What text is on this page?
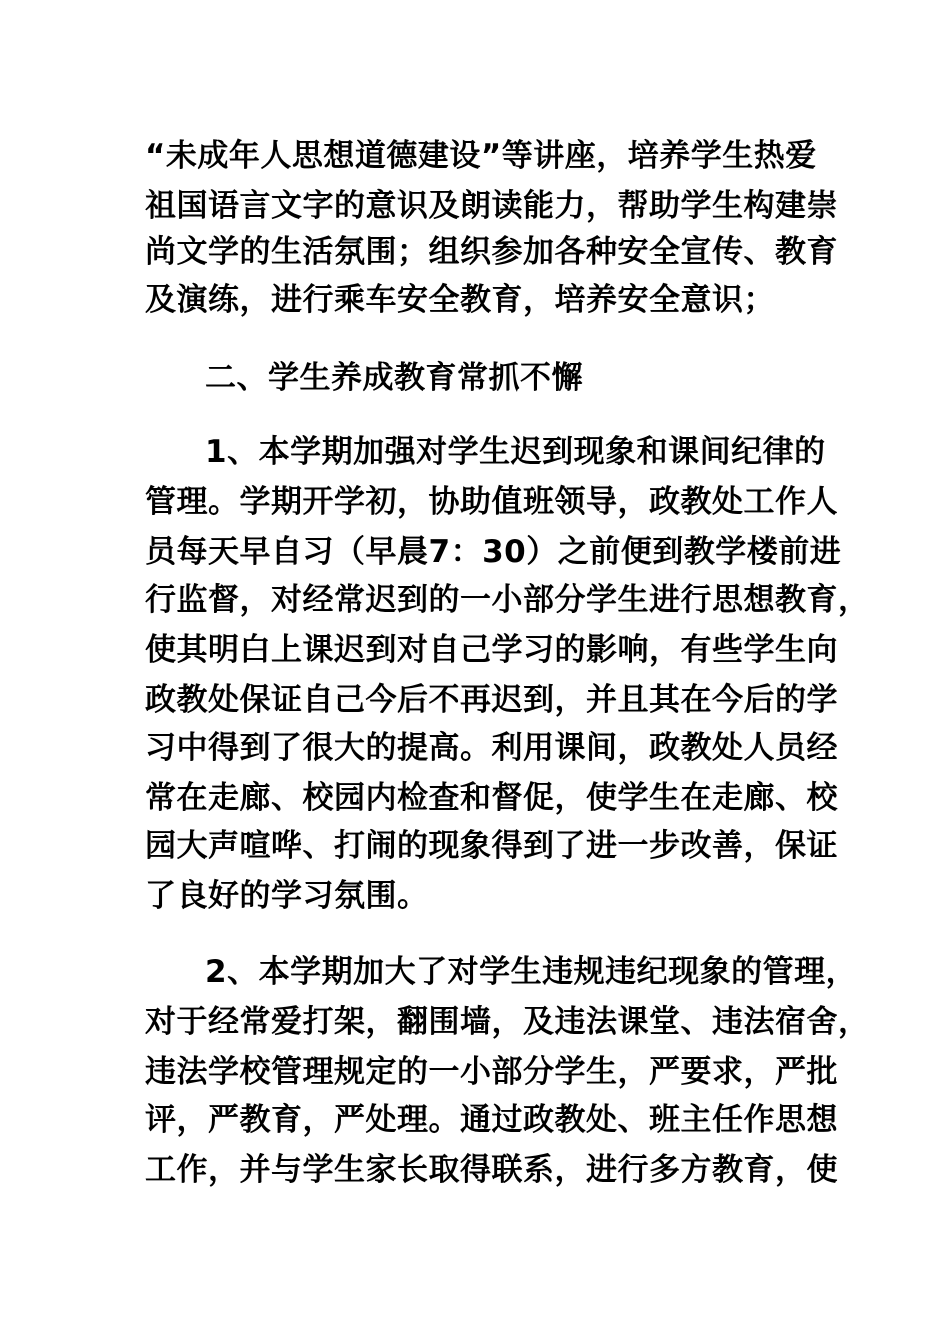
“未成年人思想道德建设”等讲座，培养学生热爱
祖国语言文字的意识及朗读能力，帮助学生构建崇
尚文学的生活氛围；组织参加各种安全宣传、教育
及演练，进行乘车安全教育，培养安全意识；
二、学生养成教育常抓不懈
1、本学期加强对学生迟到现象和课间纪律的
管理。学期开学初，协助值班领导，政教处工作人
员每天早自习（早晨7：30）之前便到教学楼前进
行监督，对经常迟到的一小部分学生进行思想教育，
使其明白上课迟到对自己学习的影响，有些学生向
政教处保证自己今后不再迟到，并且其在今后的学
习中得到了很大的提高。利用课间，政教处人员经
常在走廊、校园内检查和督促，使学生在走廊、校
园大声喧哗、打闹的现象得到了进一步改善，保证
了良好的学习氛围。
2、本学期加大了对学生违规违纪现象的管理，
对于经常爱打架，翻围墙，及违法课堂、违法宿舍，
违法学校管理规定的一小部分学生，严要求，严批
评，严教育，严处理。通过政教处、班主任作思想
工作，并与学生家长取得联系，进行多方教育，使
